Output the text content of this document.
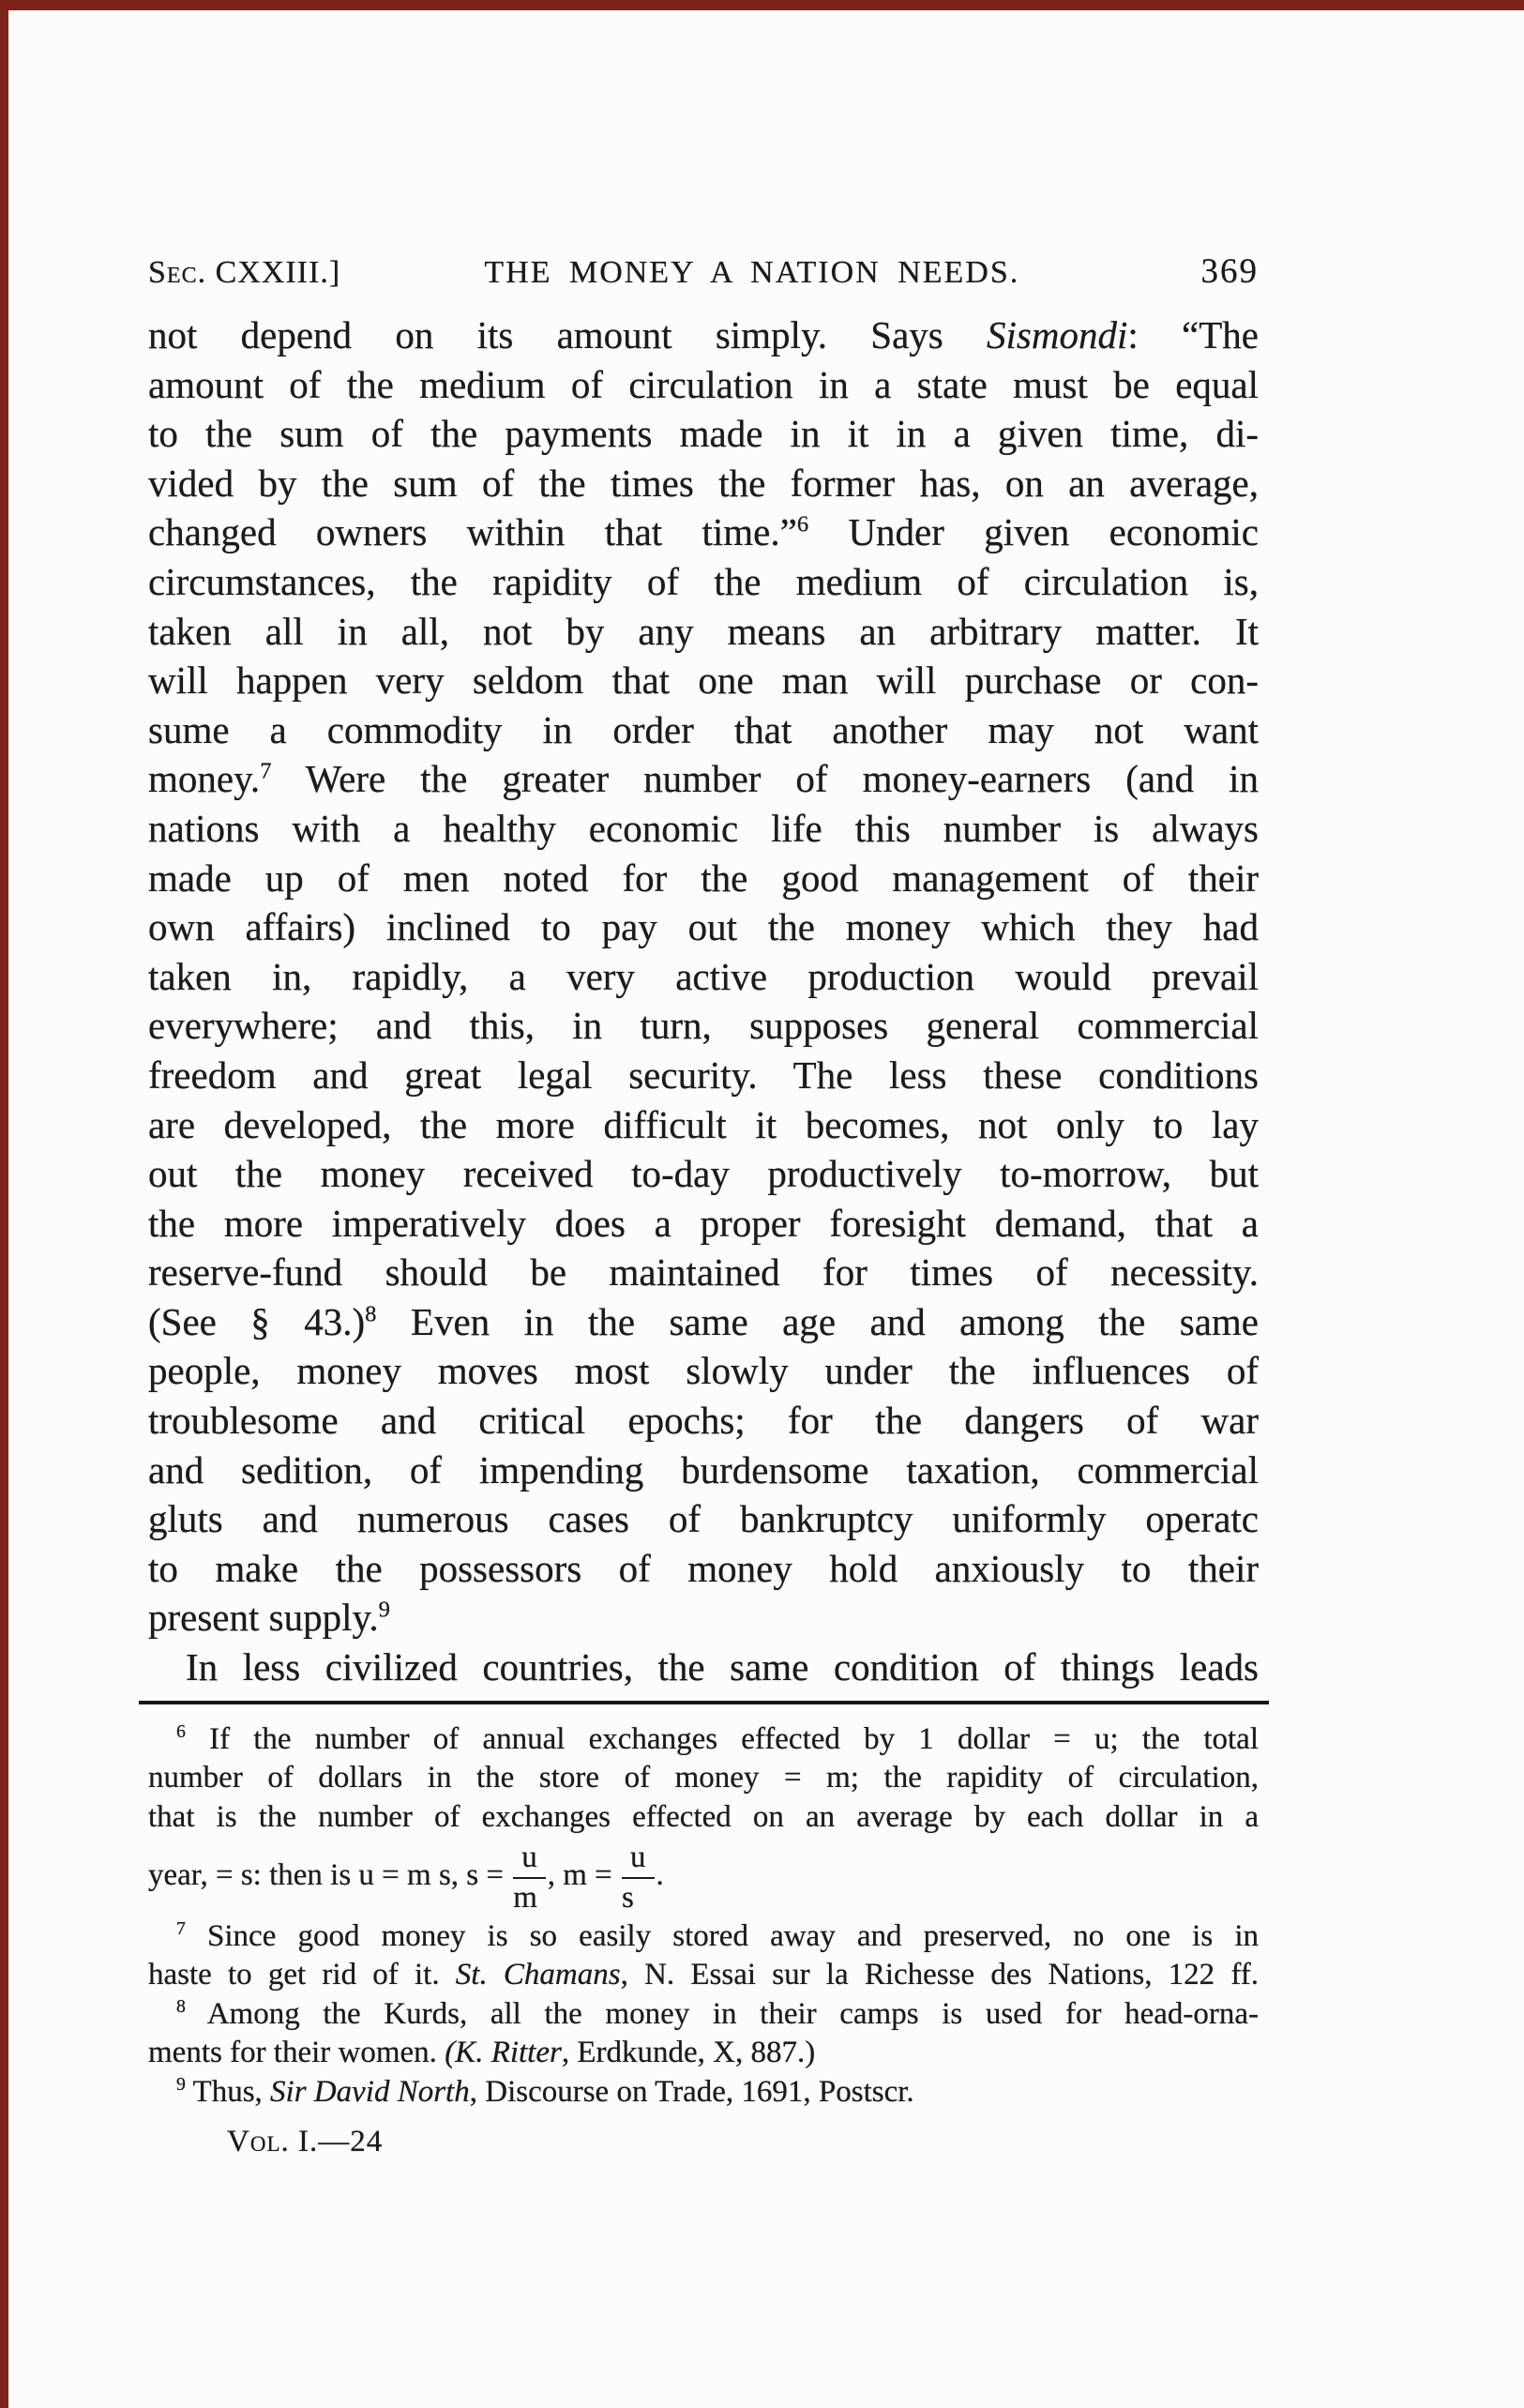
Sec. CXXIII.]	THE MONEY A NATION NEEDS.	369
not depend on its amount simply. Says Sismondi: “The
amount of the medium of circulation in a state must be equal
to the sum of the payments made in it in a given time, di-
vided by the sum of the times the former has, on an average,
changed owners within that time.”$^6$ Under given economic
circumstances, the rapidity of the medium of circulation is,
taken all in all, not by any means an arbitrary matter. It
will happen very seldom that one man will purchase or con-
sume a commodity in order that another may not want
money.$^7$ Were the greater number of money-earners (and in
nations with a healthy economic life this number is always
made up of men noted for the good management of their
own affairs) inclined to pay out the money which they had
taken in, rapidly, a very active production would prevail
everywhere; and this, in turn, supposes general commercial
freedom and great legal security. The less these conditions
are developed, the more difficult it becomes, not only to lay
out the money received to-day productively to-morrow, but
the more imperatively does a proper foresight demand, that a
reserve-fund should be maintained for times of necessity.
(See § 43.)$^8$ Even in the same age and among the same
people, money moves most slowly under the influences of
troublesome and critical epochs; for the dangers of war
and sedition, of impending burdensome taxation, commercial
gluts and numerous cases of bankruptcy uniformly operatc
to make the possessors of money hold anxiously to their
present supply.$^9$
In less civilized countries, the same condition of things leads
$^6$ If the number of annual exchanges effected by 1 dollar = u; the total
number of dollars in the store of money = m; the rapidity of circulation,
that is the number of exchanges effected on an average by each dollar in a
year, = s: then is u = m s, $s = \frac{u}{m}$ , $m = \frac{u}{s}$ .
$^7$ Since good money is so easily stored away and preserved, no one is in
haste to get rid of it. St. Chamans, N. Essai sur la Richesse des Nations, 122 ff.
$^8$ Among the Kurds, all the money in their camps is used for head-orna-
ments for their women. (K. Ritter, Erdkunde, X, 887.)
$^9$ Thus, Sir David North, Discourse on Trade, 1691, Postscr.
Vol. I.—24
